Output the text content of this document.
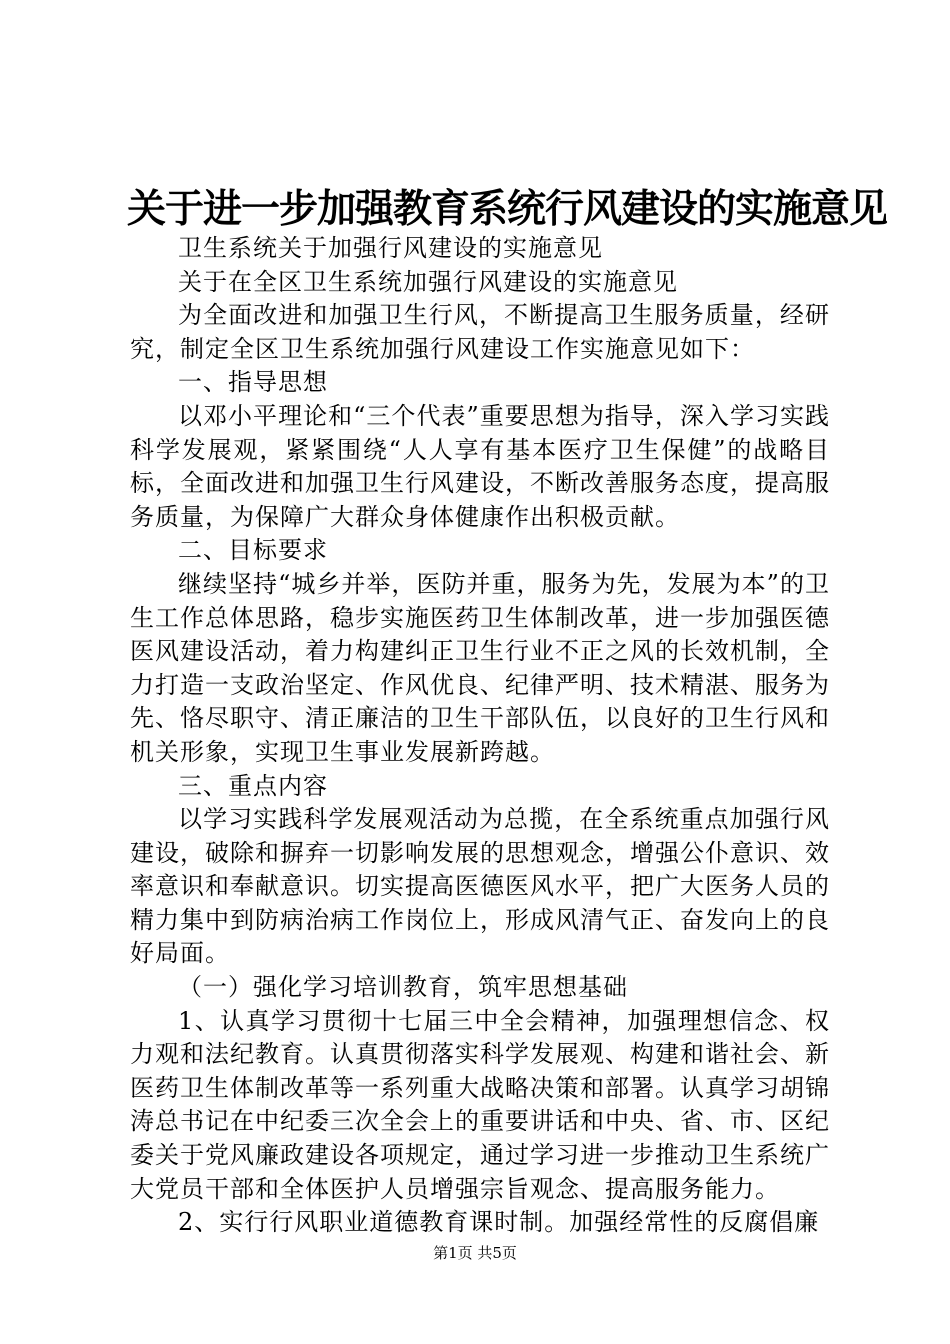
关于进一步加强教育系统行风建设的实施意见

卫生系统关于加强行风建设的实施意见

关于在全区卫生系统加强行风建设的实施意见

为全面改进和加强卫生行风，不断提高卫生服务质量，经研究，制定全区卫生系统加强行风建设工作实施意见如下：

一、指导思想

以邓小平理论和“三个代表”重要思想为指导，深入学习实践科学发展观，紧紧围绕“人人享有基本医疗卫生保健”的战略目标，全面改进和加强卫生行风建设，不断改善服务态度，提高服务质量，为保障广大群众身体健康作出积极贡献。

二、目标要求

继续坚持“城乡并举，医防并重，服务为先，发展为本”的卫生工作总体思路，稳步实施医药卫生体制改革，进一步加强医德医风建设活动，着力构建纠正卫生行业不正之风的长效机制，全力打造一支政治坚定、作风优良、纪律严明、技术精湛、服务为先、恪尽职守、清正廉洁的卫生干部队伍，以良好的卫生行风和机关形象，实现卫生事业发展新跨越。

三、重点内容

以学习实践科学发展观活动为总揽，在全系统重点加强行风建设，破除和摒弃一切影响发展的思想观念，增强公仆意识、效率意识和奉献意识。切实提高医德医风水平，把广大医务人员的精力集中到防病治病工作岗位上，形成风清气正、奋发向上的良好局面。

（一）强化学习培训教育，筑牢思想基础

1、认真学习贯彻十七届三中全会精神，加强理想信念、权力观和法纪教育。认真贯彻落实科学发展观、构建和谐社会、新医药卫生体制改革等一系列重大战略决策和部署。认真学习胡锦涛总书记在中纪委三次全会上的重要讲话和中央、省、市、区纪委关于党风廉政建设各项规定，通过学习进一步推动卫生系统广大党员干部和全体医护人员增强宗旨观念、提高服务能力。

2、实行行风职业道德教育课时制。加强经常性的反腐倡廉

第1页 共5页
